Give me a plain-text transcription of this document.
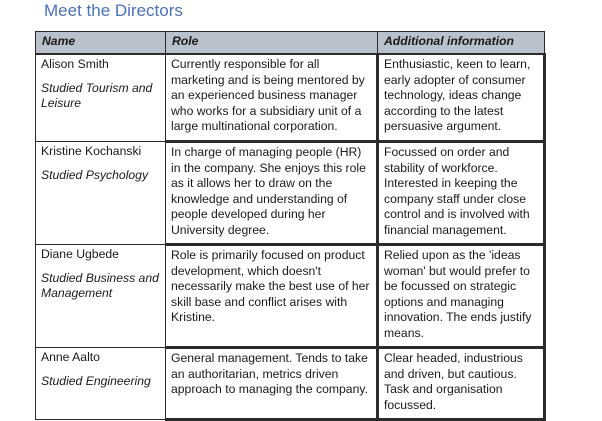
Meet the Directors
Name	Role	Additional information

Alison Smith
Studied Tourism and Leisure	Currently responsible for all marketing and is being mentored by an experienced business manager who works for a subsidiary unit of a large multinational corporation.	Enthusiastic, keen to learn, early adopter of consumer technology, ideas change according to the latest persuasive argument.

Kristine Kochanski
Studied Psychology	In charge of managing people (HR) in the company. She enjoys this role as it allows her to draw on the knowledge and understanding of people developed during her University degree.	Focussed on order and stability of workforce. Interested in keeping the company staff under close control and is involved with financial management.

Diane Ugbede
Studied Business and Management	Role is primarily focused on product development, which doesn't necessarily make the best use of her skill base and conflict arises with Kristine.	Relied upon as the 'ideas woman' but would prefer to be focussed on strategic options and managing innovation. The ends justify means.

Anne Aalto
Studied Engineering	General management. Tends to take an authoritarian, metrics driven approach to managing the company.	Clear headed, industrious and driven, but cautious. Task and organisation focussed.
